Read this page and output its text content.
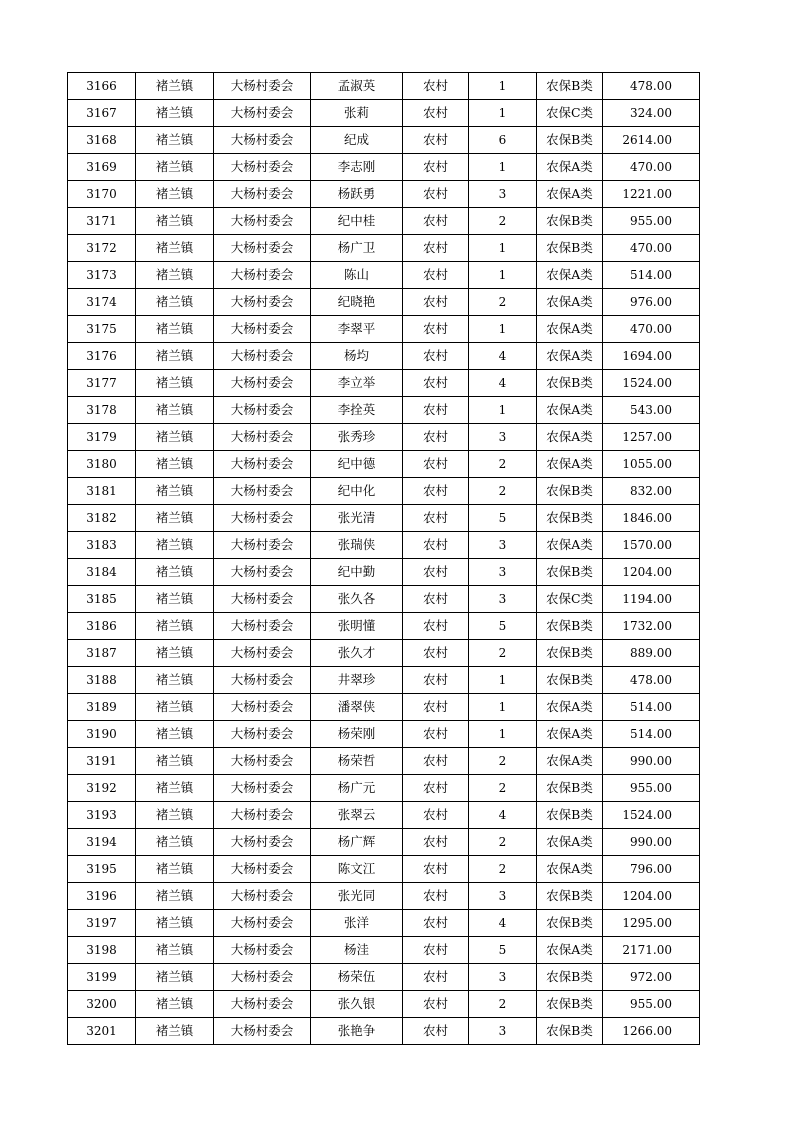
3166	褚兰镇	大杨村委会	孟淑英	农村	1	农保B类	478.00
3167	褚兰镇	大杨村委会	张莉	农村	1	农保C类	324.00
3168	褚兰镇	大杨村委会	纪成	农村	6	农保B类	2614.00
3169	褚兰镇	大杨村委会	李志刚	农村	1	农保A类	470.00
3170	褚兰镇	大杨村委会	杨跃勇	农村	3	农保A类	1221.00
3171	褚兰镇	大杨村委会	纪中桂	农村	2	农保B类	955.00
3172	褚兰镇	大杨村委会	杨广卫	农村	1	农保B类	470.00
3173	褚兰镇	大杨村委会	陈山	农村	1	农保A类	514.00
3174	褚兰镇	大杨村委会	纪晓艳	农村	2	农保A类	976.00
3175	褚兰镇	大杨村委会	李翠平	农村	1	农保A类	470.00
3176	褚兰镇	大杨村委会	杨均	农村	4	农保A类	1694.00
3177	褚兰镇	大杨村委会	李立举	农村	4	农保B类	1524.00
3178	褚兰镇	大杨村委会	李拴英	农村	1	农保A类	543.00
3179	褚兰镇	大杨村委会	张秀珍	农村	3	农保A类	1257.00
3180	褚兰镇	大杨村委会	纪中德	农村	2	农保A类	1055.00
3181	褚兰镇	大杨村委会	纪中化	农村	2	农保B类	832.00
3182	褚兰镇	大杨村委会	张光清	农村	5	农保B类	1846.00
3183	褚兰镇	大杨村委会	张瑞侠	农村	3	农保A类	1570.00
3184	褚兰镇	大杨村委会	纪中勤	农村	3	农保B类	1204.00
3185	褚兰镇	大杨村委会	张久各	农村	3	农保C类	1194.00
3186	褚兰镇	大杨村委会	张明懂	农村	5	农保B类	1732.00
3187	褚兰镇	大杨村委会	张久才	农村	2	农保B类	889.00
3188	褚兰镇	大杨村委会	井翠珍	农村	1	农保B类	478.00
3189	褚兰镇	大杨村委会	潘翠侠	农村	1	农保A类	514.00
3190	褚兰镇	大杨村委会	杨荣刚	农村	1	农保A类	514.00
3191	褚兰镇	大杨村委会	杨荣哲	农村	2	农保A类	990.00
3192	褚兰镇	大杨村委会	杨广元	农村	2	农保B类	955.00
3193	褚兰镇	大杨村委会	张翠云	农村	4	农保B类	1524.00
3194	褚兰镇	大杨村委会	杨广辉	农村	2	农保A类	990.00
3195	褚兰镇	大杨村委会	陈文江	农村	2	农保A类	796.00
3196	褚兰镇	大杨村委会	张光同	农村	3	农保B类	1204.00
3197	褚兰镇	大杨村委会	张洋	农村	4	农保B类	1295.00
3198	褚兰镇	大杨村委会	杨洼	农村	5	农保A类	2171.00
3199	褚兰镇	大杨村委会	杨荣伍	农村	3	农保B类	972.00
3200	褚兰镇	大杨村委会	张久银	农村	2	农保B类	955.00
3201	褚兰镇	大杨村委会	张艳争	农村	3	农保B类	1266.00
